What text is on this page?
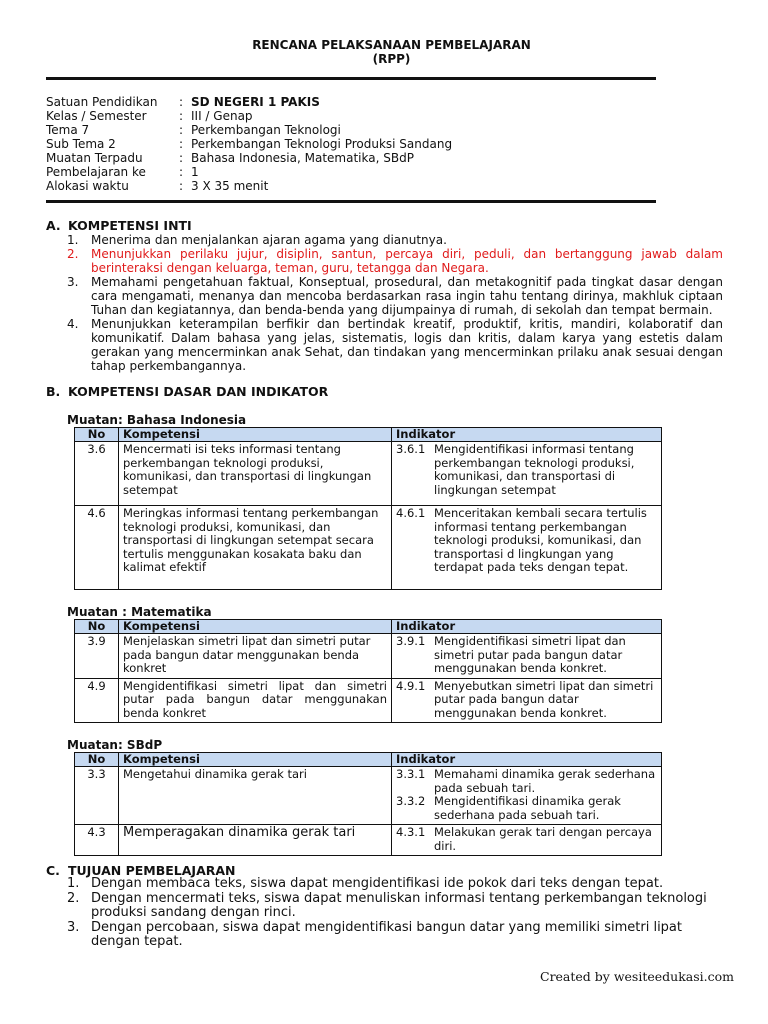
RENCANA PELAKSANAAN PEMBELAJARAN
(RPP)
Satuan Pendidikan	:	SD NEGERI 1 PAKIS
Kelas / Semester	:	III / Genap
Tema 7	:	Perkembangan Teknologi
Sub Tema 2	:	Perkembangan Teknologi Produksi Sandang
Muatan Terpadu	:	Bahasa Indonesia, Matematika, SBdP
Pembelajaran ke	:	1
Alokasi waktu	:	3 X 35 menit
A. KOMPETENSI INTI
1. Menerima dan menjalankan ajaran agama yang dianutnya.
2. Menunjukkan perilaku jujur, disiplin, santun, percaya diri, peduli, dan bertanggung jawab dalam berinteraksi dengan keluarga, teman, guru, tetangga dan Negara.
3. Memahami pengetahuan faktual, Konseptual, prosedural, dan metakognitif pada tingkat dasar dengan cara mengamati, menanya dan mencoba berdasarkan rasa ingin tahu tentang dirinya, makhluk ciptaan Tuhan dan kegiatannya, dan benda-benda yang dijumpainya di rumah, di sekolah dan tempat bermain.
4. Menunjukkan keterampilan berfikir dan bertindak kreatif, produktif, kritis, mandiri, kolaboratif dan komunikatif. Dalam bahasa yang jelas, sistematis, logis dan kritis, dalam karya yang estetis dalam gerakan yang mencerminkan anak Sehat, dan tindakan yang mencerminkan prilaku anak sesuai dengan tahap perkembangannya.
B. KOMPETENSI DASAR DAN INDIKATOR
Muatan: Bahasa Indonesia
No	Kompetensi	Indikator
3.6	Mencermati isi teks informasi tentang perkembangan teknologi produksi, komunikasi, dan transportasi di lingkungan setempat	3.6.1 Mengidentifikasi informasi tentang perkembangan teknologi produksi, komunikasi, dan transportasi di lingkungan setempat

4.6	Meringkas informasi tentang perkembangan teknologi produksi, komunikasi, dan transportasi di lingkungan setempat secara tertulis menggunakan kosakata baku dan kalimat efektif	4.6.1 Menceritakan kembali secara tertulis informasi tentang perkembangan teknologi produksi, komunikasi, dan transportasi d lingkungan yang terdapat pada teks dengan tepat.
Muatan : Matematika
No	Kompetensi	Indikator
3.9	Menjelaskan simetri lipat dan simetri putar pada bangun datar menggunakan benda konkret	3.9.1 Mengidentifikasi simetri lipat dan simetri putar pada bangun datar menggunakan benda konkret.

4.9	Mengidentifikasi simetri lipat dan simetri putar pada bangun datar menggunakan benda konkret	4.9.1 Menyebutkan simetri lipat dan simetri putar pada bangun datar menggunakan benda konkret.
Muatan: SBdP
No	Kompetensi	Indikator
3.3	Mengetahui dinamika gerak tari	3.3.1 Memahami dinamika gerak sederhana pada sebuah tari.
3.3.2 Mengidentifikasi dinamika gerak sederhana pada sebuah tari.

4.3	Memperagakan dinamika gerak tari	4.3.1 Melakukan gerak tari dengan percaya diri.
C. TUJUAN PEMBELAJARAN
1. Dengan membaca teks, siswa dapat mengidentifikasi ide pokok dari teks dengan tepat.
2. Dengan mencermati teks, siswa dapat menuliskan informasi tentang perkembangan teknologi produksi sandang dengan rinci.
3. Dengan percobaan, siswa dapat mengidentifikasi bangun datar yang memiliki simetri lipat dengan tepat.
Created by wesiteedukasi.com
